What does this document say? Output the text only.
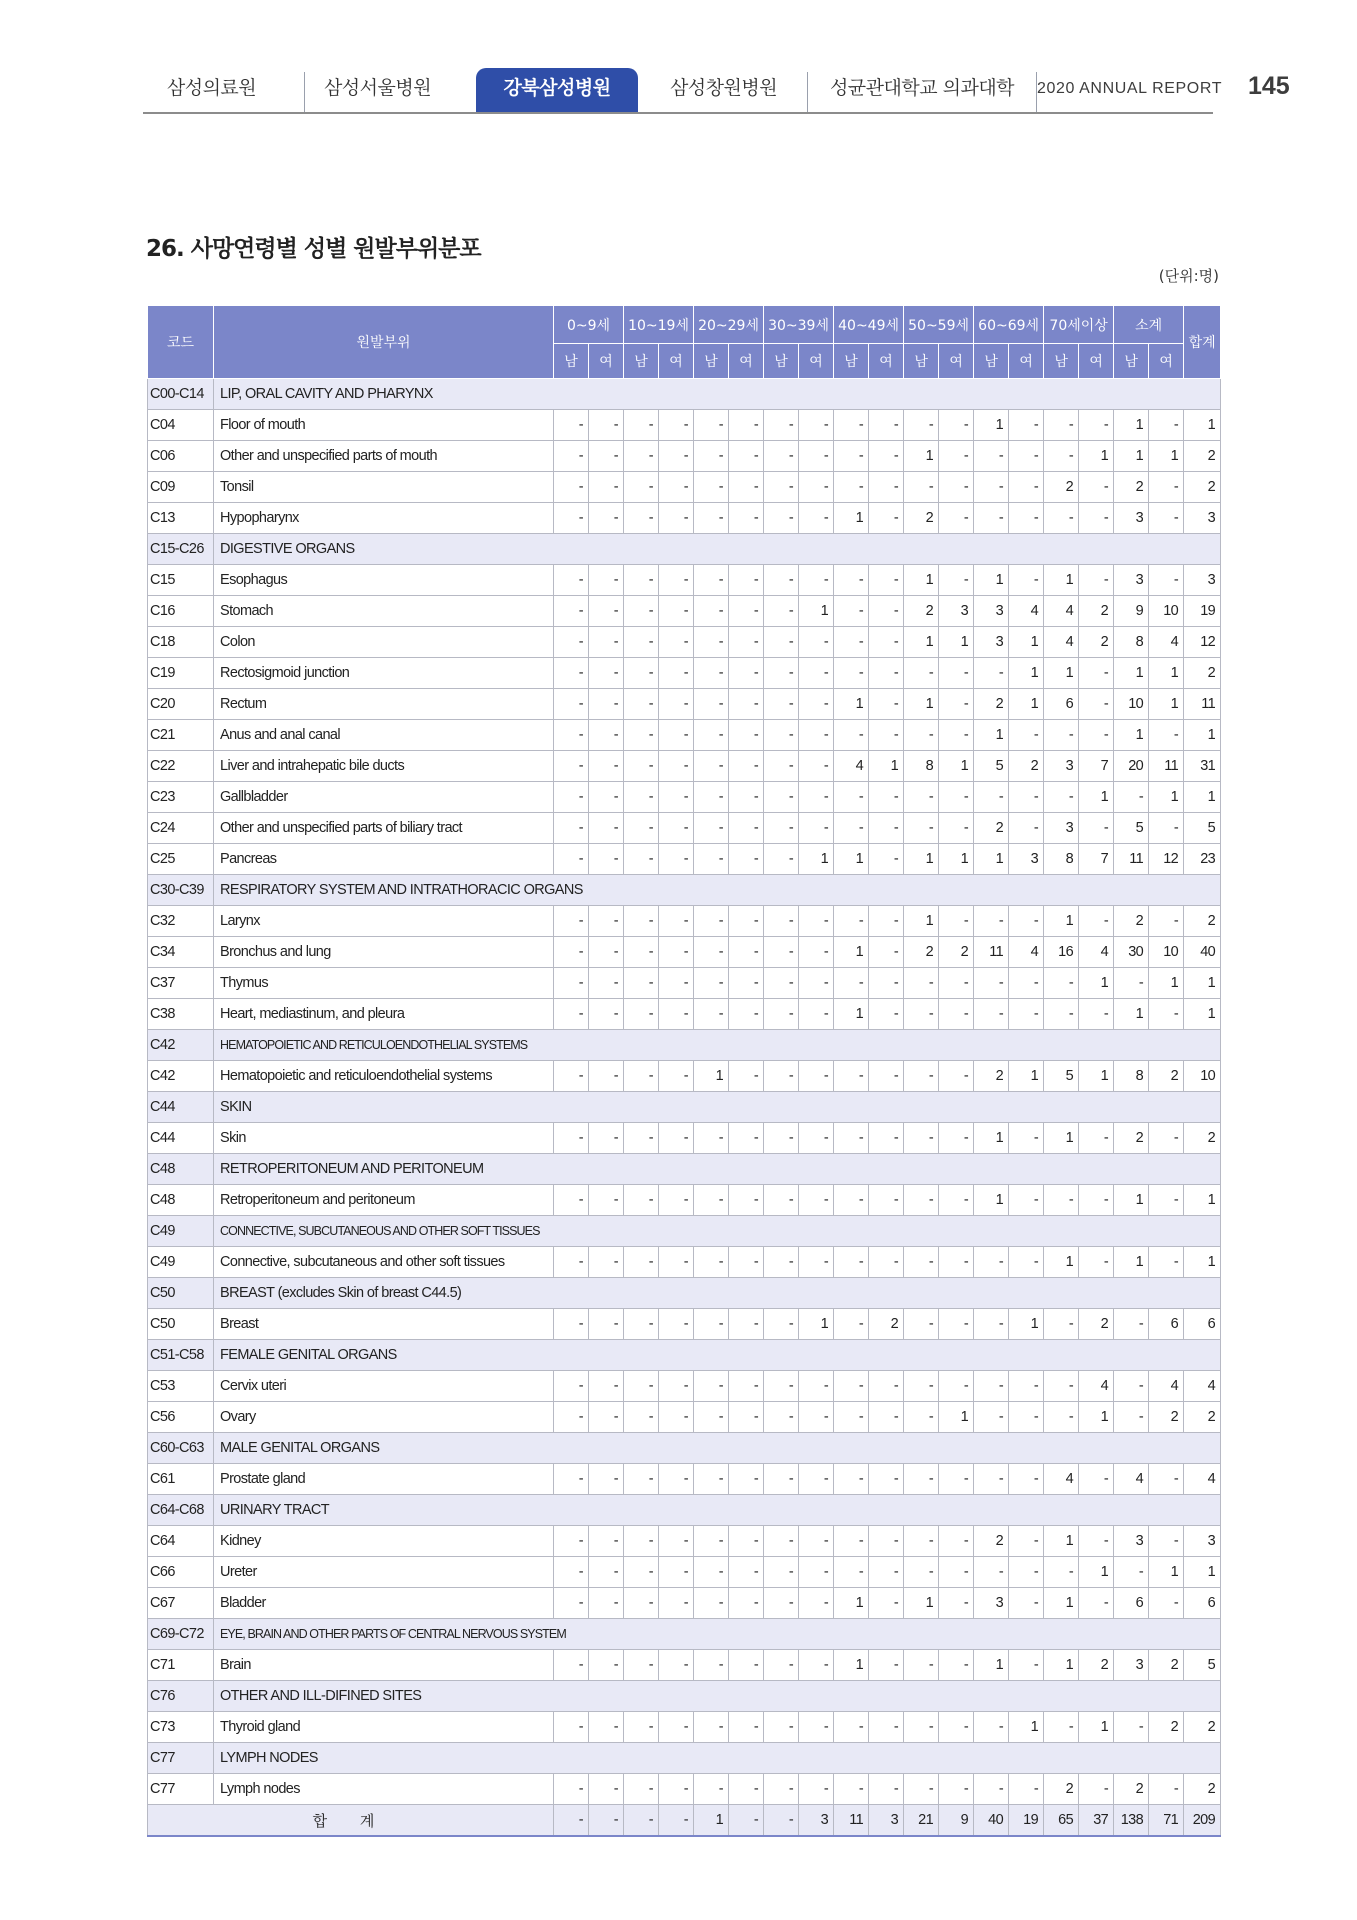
삼성의료원	삼성서울병원	강북삼성병원	삼성창원병원	성균관대학교 의과대학	2020 ANNUAL REPORT 145
26. 사망연령별 성별 원발부위분포
(단위:명)
코드	원발부위	0~9세		10~19세		20~29세		30~39세		40~49세		50~59세		60~69세		70세이상		소계		합계
		남	여	남	여	남	여	남	여	남	여	남	여	남	여	남	여	남	여	
C00-C14	LIP, ORAL CAVITY AND PHARYNX																			
C04	Floor of mouth	-	-	-	-	-	-	-	-	-	-	-	-	1	-	-	-	1	-	1
C06	Other and unspecified parts of mouth	-	-	-	-	-	-	-	-	-	-	1	-	-	-	-	1	1	1	2
C09	Tonsil	-	-	-	-	-	-	-	-	-	-	-	-	-	-	2	-	2	-	2
C13	Hypopharynx	-	-	-	-	-	-	-	-	1	-	2	-	-	-	-	-	3	-	3
C15-C26	DIGESTIVE ORGANS																			
C15	Esophagus	-	-	-	-	-	-	-	-	-	-	1	-	1	-	1	-	3	-	3
C16	Stomach	-	-	-	-	-	-	-	1	-	-	2	3	3	4	4	2	9	10	19
C18	Colon	-	-	-	-	-	-	-	-	-	-	1	1	3	1	4	2	8	4	12
C19	Rectosigmoid junction	-	-	-	-	-	-	-	-	-	-	-	-	-	1	1	-	1	1	2
C20	Rectum	-	-	-	-	-	-	-	-	1	-	1	-	2	1	6	-	10	1	11
C21	Anus and anal canal	-	-	-	-	-	-	-	-	-	-	-	-	1	-	-	-	1	-	1
C22	Liver and intrahepatic bile ducts	-	-	-	-	-	-	-	-	4	1	8	1	5	2	3	7	20	11	31
C23	Gallbladder	-	-	-	-	-	-	-	-	-	-	-	-	-	-	-	1	-	1	1
C24	Other and unspecified parts of biliary tract	-	-	-	-	-	-	-	-	-	-	-	-	2	-	3	-	5	-	5
C25	Pancreas	-	-	-	-	-	-	-	1	1	-	1	1	1	3	8	7	11	12	23
C30-C39	RESPIRATORY SYSTEM AND INTRATHORACIC ORGANS																			
C32	Larynx	-	-	-	-	-	-	-	-	-	-	1	-	-	-	1	-	2	-	2
C34	Bronchus and lung	-	-	-	-	-	-	-	-	1	-	2	2	11	4	16	4	30	10	40
C37	Thymus	-	-	-	-	-	-	-	-	-	-	-	-	-	-	-	1	-	1	1
C38	Heart, mediastinum, and pleura	-	-	-	-	-	-	-	-	1	-	-	-	-	-	-	-	1	-	1
C42	HEMATOPOIETIC AND RETICULOENDOTHELIAL SYSTEMS																			
C42	Hematopoietic and reticuloendothelial systems	-	-	-	-	1	-	-	-	-	-	-	-	2	1	5	1	8	2	10
C44	SKIN																			
C44	Skin	-	-	-	-	-	-	-	-	-	-	-	-	1	-	1	-	2	-	2
C48	RETROPERITONEUM AND PERITONEUM																			
C48	Retroperitoneum and peritoneum	-	-	-	-	-	-	-	-	-	-	-	-	1	-	-	-	1	-	1
C49	CONNECTIVE, SUBCUTANEOUS AND OTHER SOFT TISSUES																			
C49	Connective, subcutaneous and other soft tissues	-	-	-	-	-	-	-	-	-	-	-	-	-	-	1	-	1	-	1
C50	BREAST (excludes Skin of breast C44.5)																			
C50	Breast	-	-	-	-	-	-	-	1	-	2	-	-	-	1	-	2	-	6	6
C51-C58	FEMALE GENITAL ORGANS																			
C53	Cervix uteri	-	-	-	-	-	-	-	-	-	-	-	-	-	-	-	4	-	4	4
C56	Ovary	-	-	-	-	-	-	-	-	-	-	-	1	-	-	-	1	-	2	2
C60-C63	MALE GENITAL ORGANS																			
C61	Prostate gland	-	-	-	-	-	-	-	-	-	-	-	-	-	-	4	-	4	-	4
C64-C68	URINARY TRACT																			
C64	Kidney	-	-	-	-	-	-	-	-	-	-	-	-	2	-	1	-	3	-	3
C66	Ureter	-	-	-	-	-	-	-	-	-	-	-	-	-	-	-	1	-	1	1
C67	Bladder	-	-	-	-	-	-	-	-	1	-	1	-	3	-	1	-	6	-	6
C69-C72	EYE, BRAIN AND OTHER PARTS OF CENTRAL NERVOUS SYSTEM																			
C71	Brain	-	-	-	-	-	-	-	-	1	-	-	-	1	-	1	2	3	2	5
C76	OTHER AND ILL-DIFINED SITES																			
C73	Thyroid gland	-	-	-	-	-	-	-	-	-	-	-	-	-	1	-	1	-	2	2
C77	LYMPH NODES																			
C77	Lymph nodes	-	-	-	-	-	-	-	-	-	-	-	-	-	-	2	-	2	-	2
합 계		-	-	-	-	1	-	-	3	11	3	21	9	40	19	65	37	138	71	209
